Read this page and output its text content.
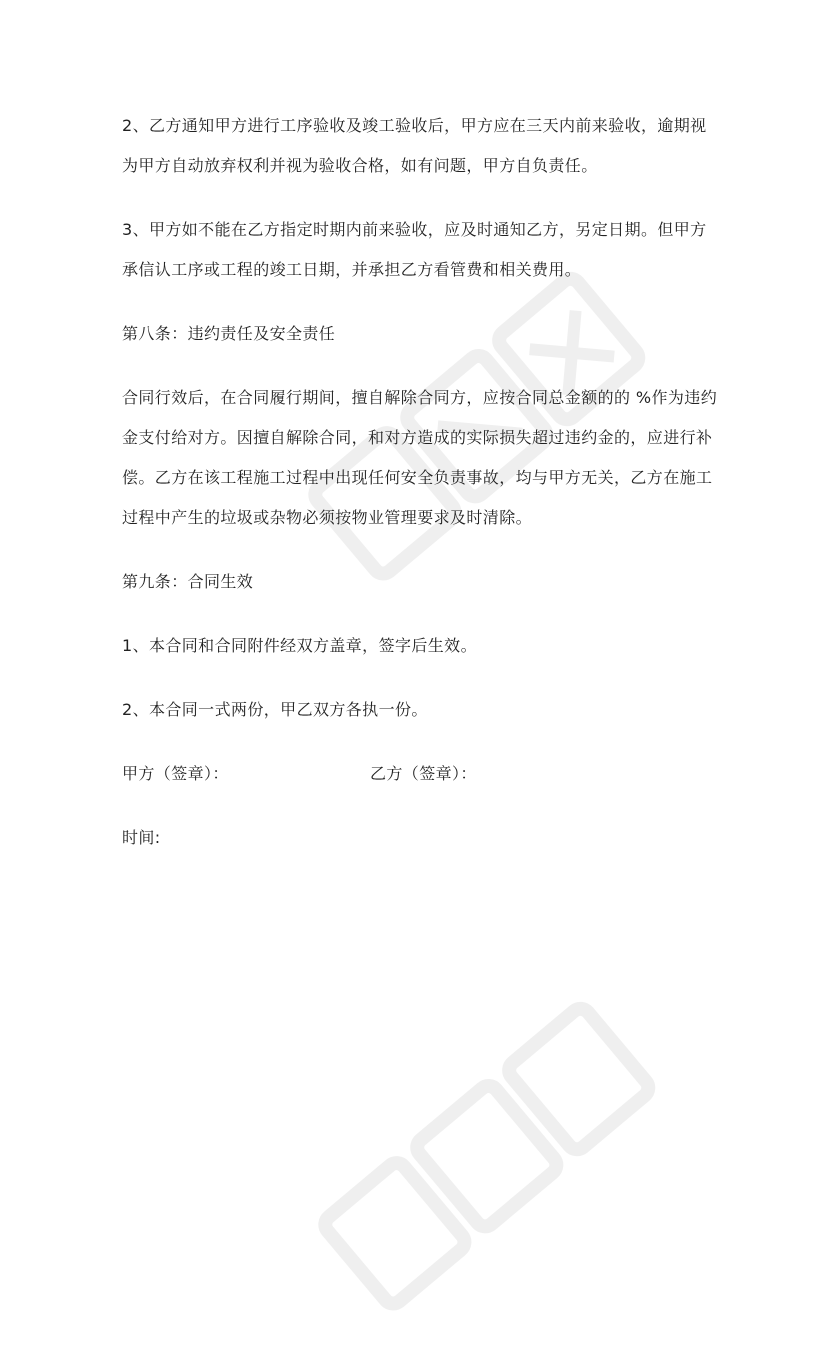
2、乙方通知甲方进行工序验收及竣工验收后，甲方应在三天内前来验收，逾期视为甲方自动放弃权利并视为验收合格，如有问题，甲方自负责任。

3、甲方如不能在乙方指定时期内前来验收，应及时通知乙方，另定日期。但甲方承信认工序或工程的竣工日期，并承担乙方看管费和相关费用。

第八条：违约责任及安全责任

合同行效后，在合同履行期间，擅自解除合同方，应按合同总金额的的 %作为违约金支付给对方。因擅自解除合同，和对方造成的实际损失超过违约金的，应进行补偿。乙方在该工程施工过程中出现任何安全负责事故，均与甲方无关，乙方在施工过程中产生的垃圾或杂物必须按物业管理要求及时清除。

第九条：合同生效

1、本合同和合同附件经双方盖章，签字后生效。

2、本合同一式两份，甲乙双方各执一份。

甲方（签章）：	乙方（签章）：

时间:
